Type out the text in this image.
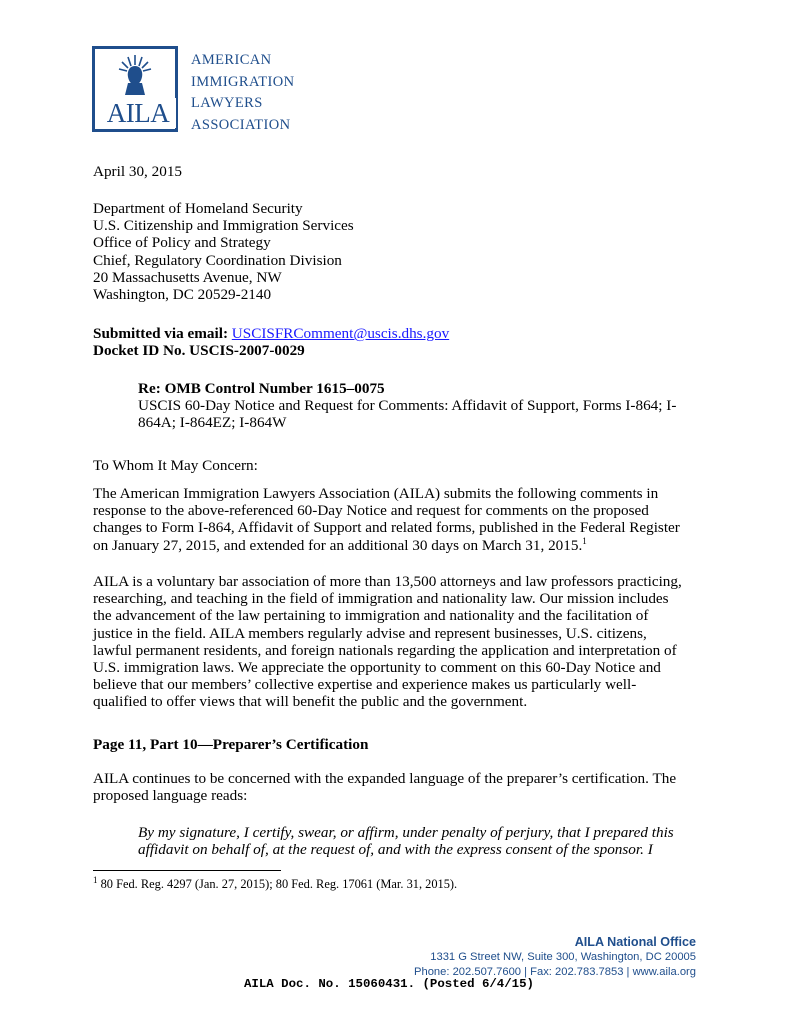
AILA
AMERICAN
IMMIGRATION
LAWYERS
ASSOCIATION
April 30, 2015
Department of Homeland Security
U.S. Citizenship and Immigration Services
Office of Policy and Strategy
Chief, Regulatory Coordination Division
20 Massachusetts Avenue, NW
Washington, DC 20529-2140
Submitted via email: USCISFRComment@uscis.dhs.gov
Docket ID No. USCIS-2007-0029
Re: OMB Control Number 1615–0075
USCIS 60-Day Notice and Request for Comments: Affidavit of Support, Forms I-864; I-
864A; I-864EZ; I-864W
To Whom It May Concern:
The American Immigration Lawyers Association (AILA) submits the following comments in
response to the above-referenced 60-Day Notice and request for comments on the proposed
changes to Form I-864, Affidavit of Support and related forms, published in the Federal Register
on January 27, 2015, and extended for an additional 30 days on March 31, 2015.$^1$
AILA is a voluntary bar association of more than 13,500 attorneys and law professors practicing,
researching, and teaching in the field of immigration and nationality law. Our mission includes
the advancement of the law pertaining to immigration and nationality and the facilitation of
justice in the field. AILA members regularly advise and represent businesses, U.S. citizens,
lawful permanent residents, and foreign nationals regarding the application and interpretation of
U.S. immigration laws. We appreciate the opportunity to comment on this 60-Day Notice and
believe that our members’ collective expertise and experience makes us particularly well-
qualified to offer views that will benefit the public and the government.
Page 11, Part 10—Preparer’s Certification
AILA continues to be concerned with the expanded language of the preparer’s certification. The
proposed language reads:
By my signature, I certify, swear, or affirm, under penalty of perjury, that I prepared this
affidavit on behalf of, at the request of, and with the express consent of the sponsor. I
$^1$ 80 Fed. Reg. 4297 (Jan. 27, 2015); 80 Fed. Reg. 17061 (Mar. 31, 2015).
AILA National Office
1331 G Street NW, Suite 300, Washington, DC 20005
Phone: 202.507.7600 | Fax: 202.783.7853 | www.aila.org
AILA Doc. No. 15060431. (Posted 6/4/15)
